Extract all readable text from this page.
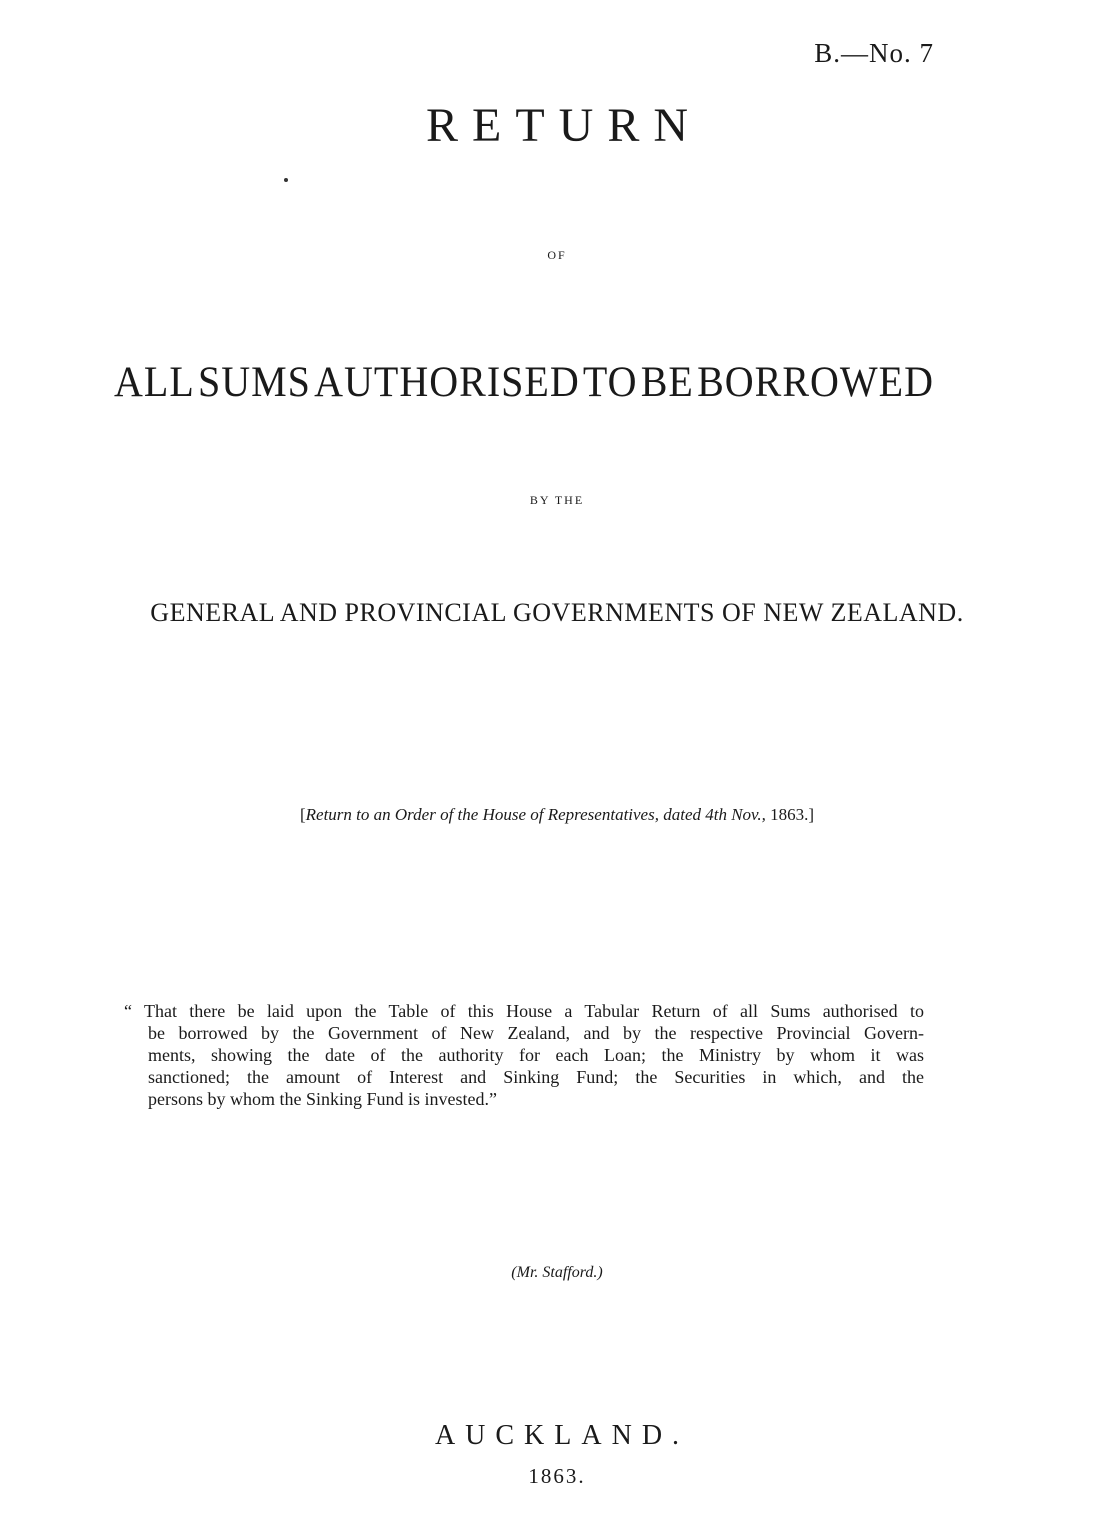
B.—No. 7
RETURN
OF
ALL SUMS AUTHORISED TO BE BORROWED
BY THE
GENERAL AND PROVINCIAL GOVERNMENTS OF NEW ZEALAND.
[Return to an Order of the House of Representatives, dated 4th Nov., 1863.]
“ That there be laid upon the Table of this House a Tabular Return of all Sums authorised to
be borrowed by the Government of New Zealand, and by the respective Provincial Govern-
ments, showing the date of the authority for each Loan; the Ministry by whom it was
sanctioned; the amount of Interest and Sinking Fund; the Securities in which, and the
persons by whom the Sinking Fund is invested.”
(Mr. Stafford.)
AUCKLAND.
1863.
